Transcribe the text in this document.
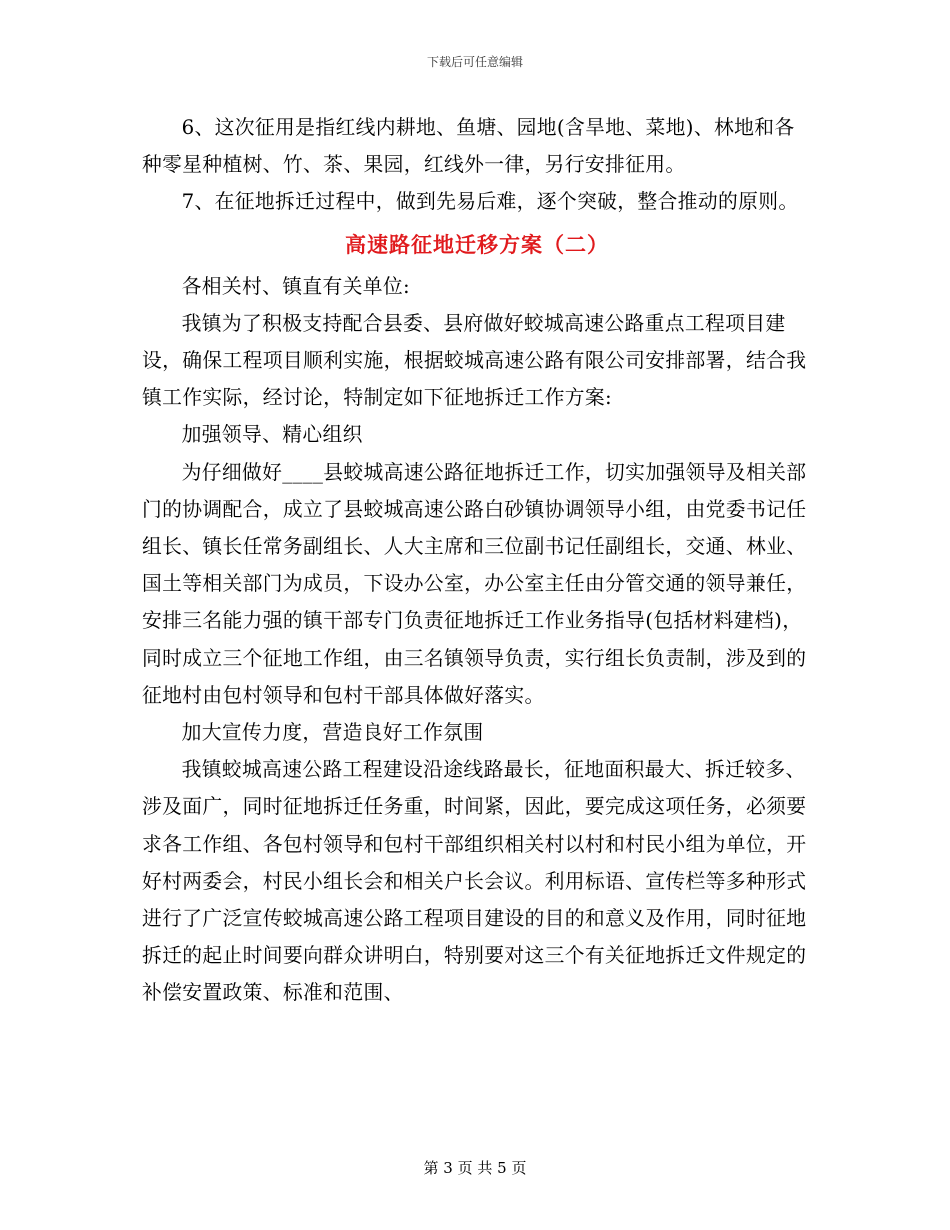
下载后可任意编辑

6、这次征用是指红线内耕地、鱼塘、园地(含旱地、菜地)、林地和各种零星种植树、竹、茶、果园，红线外一律，另行安排征用。

7、在征地拆迁过程中，做到先易后难，逐个突破，整合推动的原则。

高速路征地迁移方案（二）

各相关村、镇直有关单位:

我镇为了积极支持配合县委、县府做好蛟城高速公路重点工程项目建设，确保工程项目顺利实施，根据蛟城高速公路有限公司安排部署，结合我镇工作实际，经讨论，特制定如下征地拆迁工作方案:

加强领导、精心组织

为仔细做好____县蛟城高速公路征地拆迁工作，切实加强领导及相关部门的协调配合，成立了县蛟城高速公路白砂镇协调领导小组，由党委书记任组长、镇长任常务副组长、人大主席和三位副书记任副组长，交通、林业、国土等相关部门为成员，下设办公室，办公室主任由分管交通的领导兼任，安排三名能力强的镇干部专门负责征地拆迁工作业务指导(包括材料建档)，同时成立三个征地工作组，由三名镇领导负责，实行组长负责制，涉及到的征地村由包村领导和包村干部具体做好落实。

加大宣传力度，营造良好工作氛围

我镇蛟城高速公路工程建设沿途线路最长，征地面积最大、拆迁较多、涉及面广，同时征地拆迁任务重，时间紧，因此，要完成这项任务，必须要求各工作组、各包村领导和包村干部组织相关村以村和村民小组为单位，开好村两委会，村民小组长会和相关户长会议。利用标语、宣传栏等多种形式进行了广泛宣传蛟城高速公路工程项目建设的目的和意义及作用，同时征地拆迁的起止时间要向群众讲明白，特别要对这三个有关征地拆迁文件规定的补偿安置政策、标准和范围、

第 3 页 共 5 页
